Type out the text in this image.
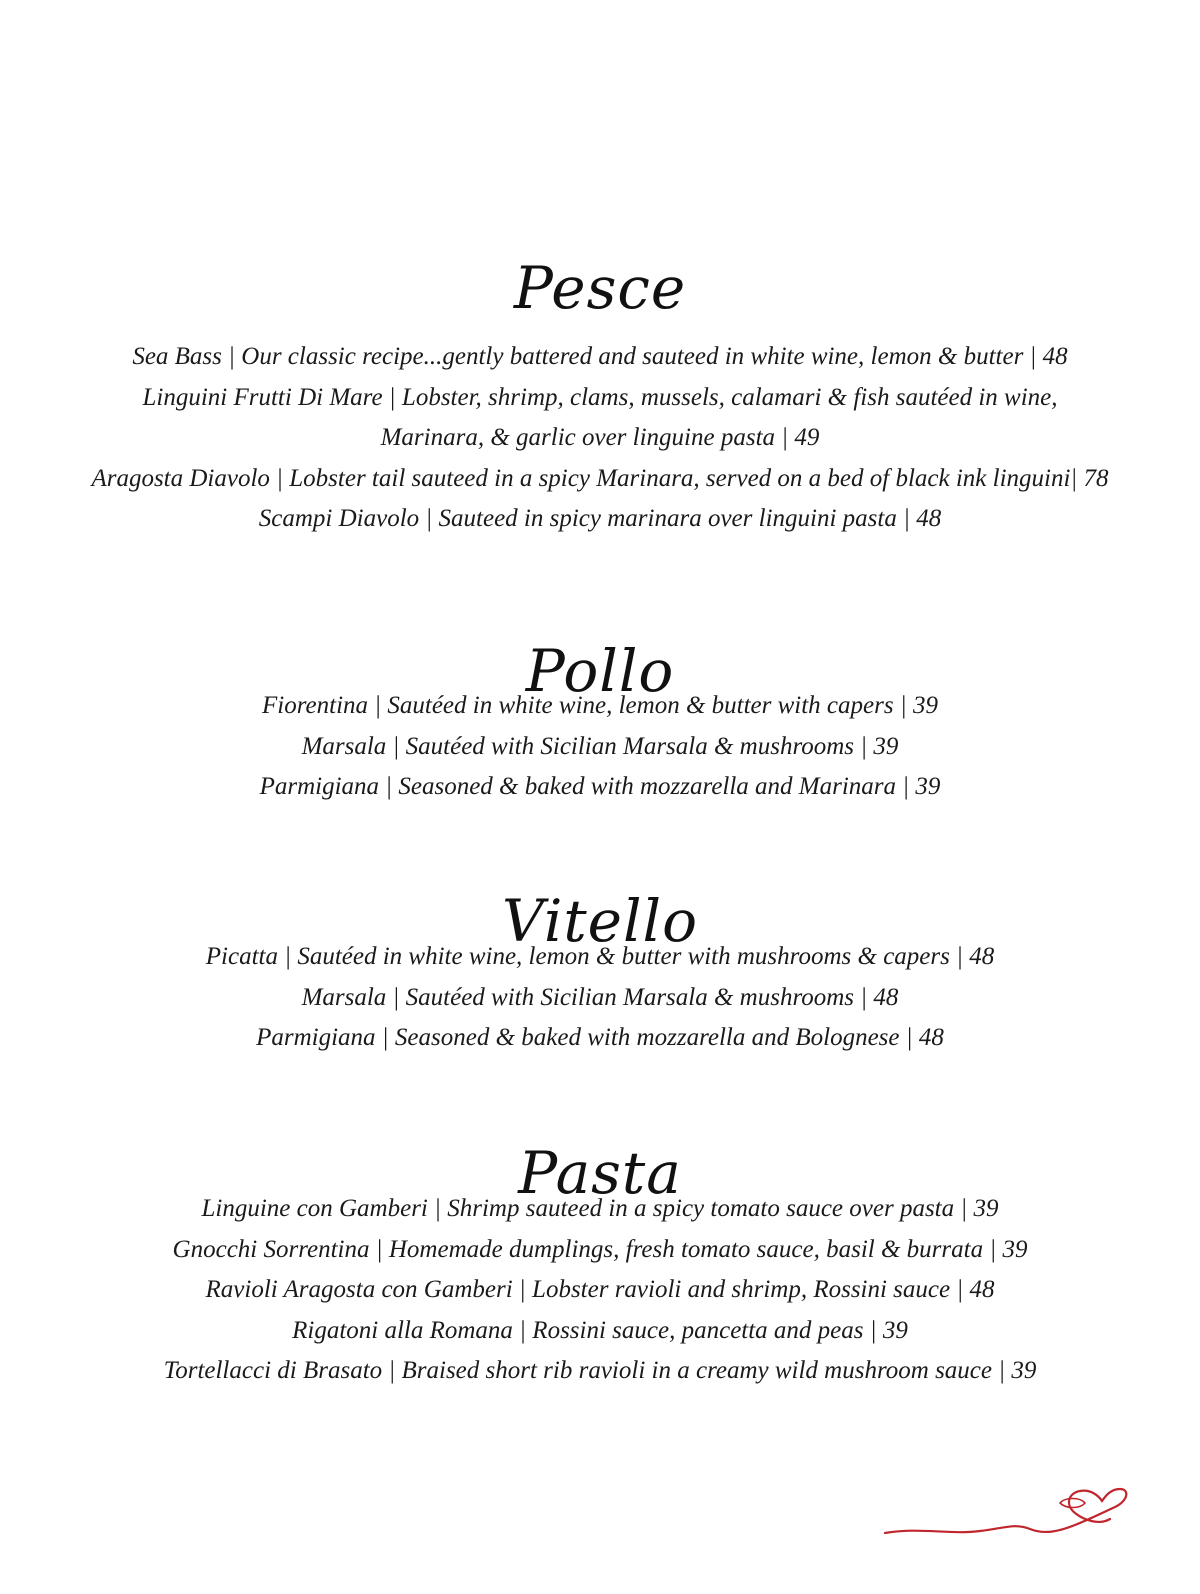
Pesce
Sea Bass | Our classic recipe...gently battered and sauteed in white wine, lemon & butter | 48
Linguini Frutti Di Mare | Lobster, shrimp, clams, mussels, calamari & fish sautéed in wine,
Marinara, & garlic over linguine pasta | 49
Aragosta Diavolo | Lobster tail sauteed in a spicy Marinara, served on a bed of black ink linguini| 78
Scampi Diavolo | Sauteed in spicy marinara over linguini pasta | 48
Pollo
Fiorentina | Sautéed in white wine, lemon & butter with capers | 39
Marsala | Sautéed with Sicilian Marsala & mushrooms | 39
Parmigiana | Seasoned & baked with mozzarella and Marinara | 39
Vitello
Picatta | Sautéed in white wine, lemon & butter with mushrooms & capers | 48
Marsala | Sautéed with Sicilian Marsala & mushrooms | 48
Parmigiana | Seasoned & baked with mozzarella and Bolognese | 48
Pasta
Linguine con Gamberi | Shrimp sauteed in a spicy tomato sauce over pasta | 39
Gnocchi Sorrentina | Homemade dumplings, fresh tomato sauce, basil & burrata | 39
Ravioli Aragosta con Gamberi | Lobster ravioli and shrimp, Rossini sauce | 48
Rigatoni alla Romana | Rossini sauce, pancetta and peas | 39
Tortellacci di Brasato | Braised short rib ravioli in a creamy wild mushroom sauce | 39
